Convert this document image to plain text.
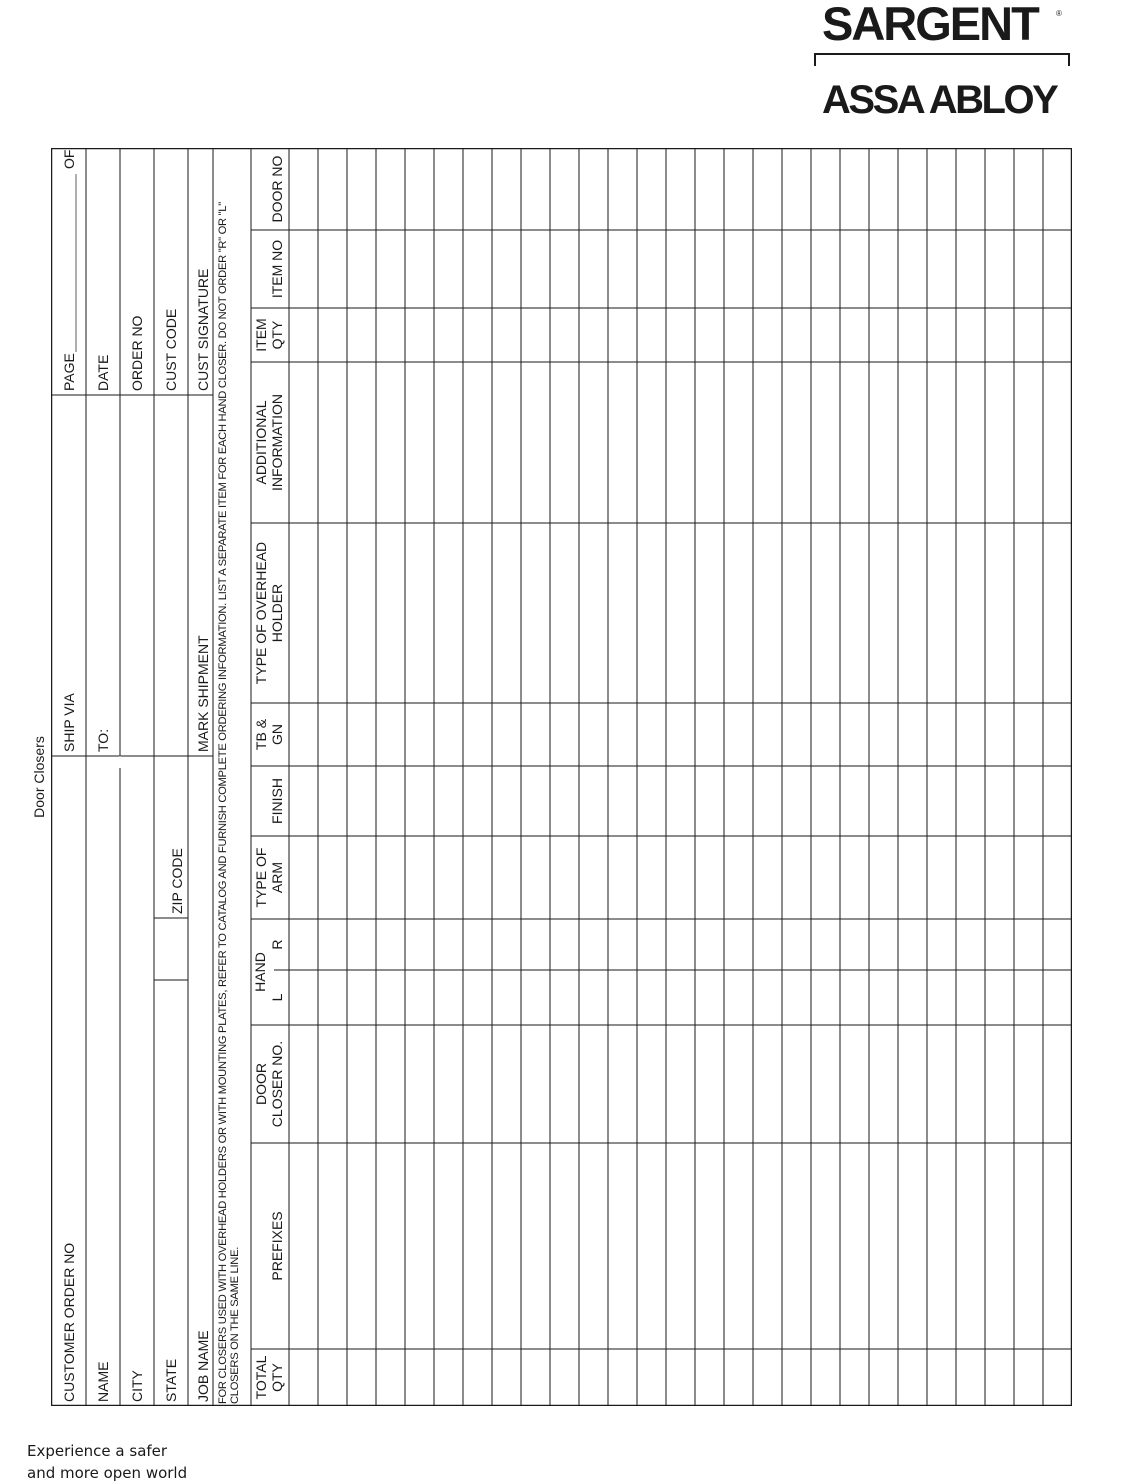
SARGENT ®
ASSA ABLOY
Door Closers
CUSTOMER ORDER NO
SHIP VIA
PAGE
OF
NAME
TO:
DATE
CITY
ORDER NO
STATE
ZIP CODE
CUST CODE
JOB NAME
MARK SHIPMENT
CUST SIGNATURE FOR CLOSERS USED WITH OVERHEAD HOLDERS OR WITH MOUNTING PLATES, REFER TO CATALOG AND FURNISH COMPLETE ORDERING INFORMATION. LIST A SEPARATE ITEM FOR EACH HAND CLOSER. DO NOT ORDER "R" OR "L" CLOSERS ON THE SAME LINE. TOTAL QTY
PREFIXES
DOOR CLOSER NO.
HAND
L
R
TYPE OF ARM
FINISH
TB & GN
TYPE OF OVERHEAD HOLDER
ADDITIONAL INFORMATION
ITEM QTY
ITEM NO
DOOR NO
Experience a safer
and more open world
